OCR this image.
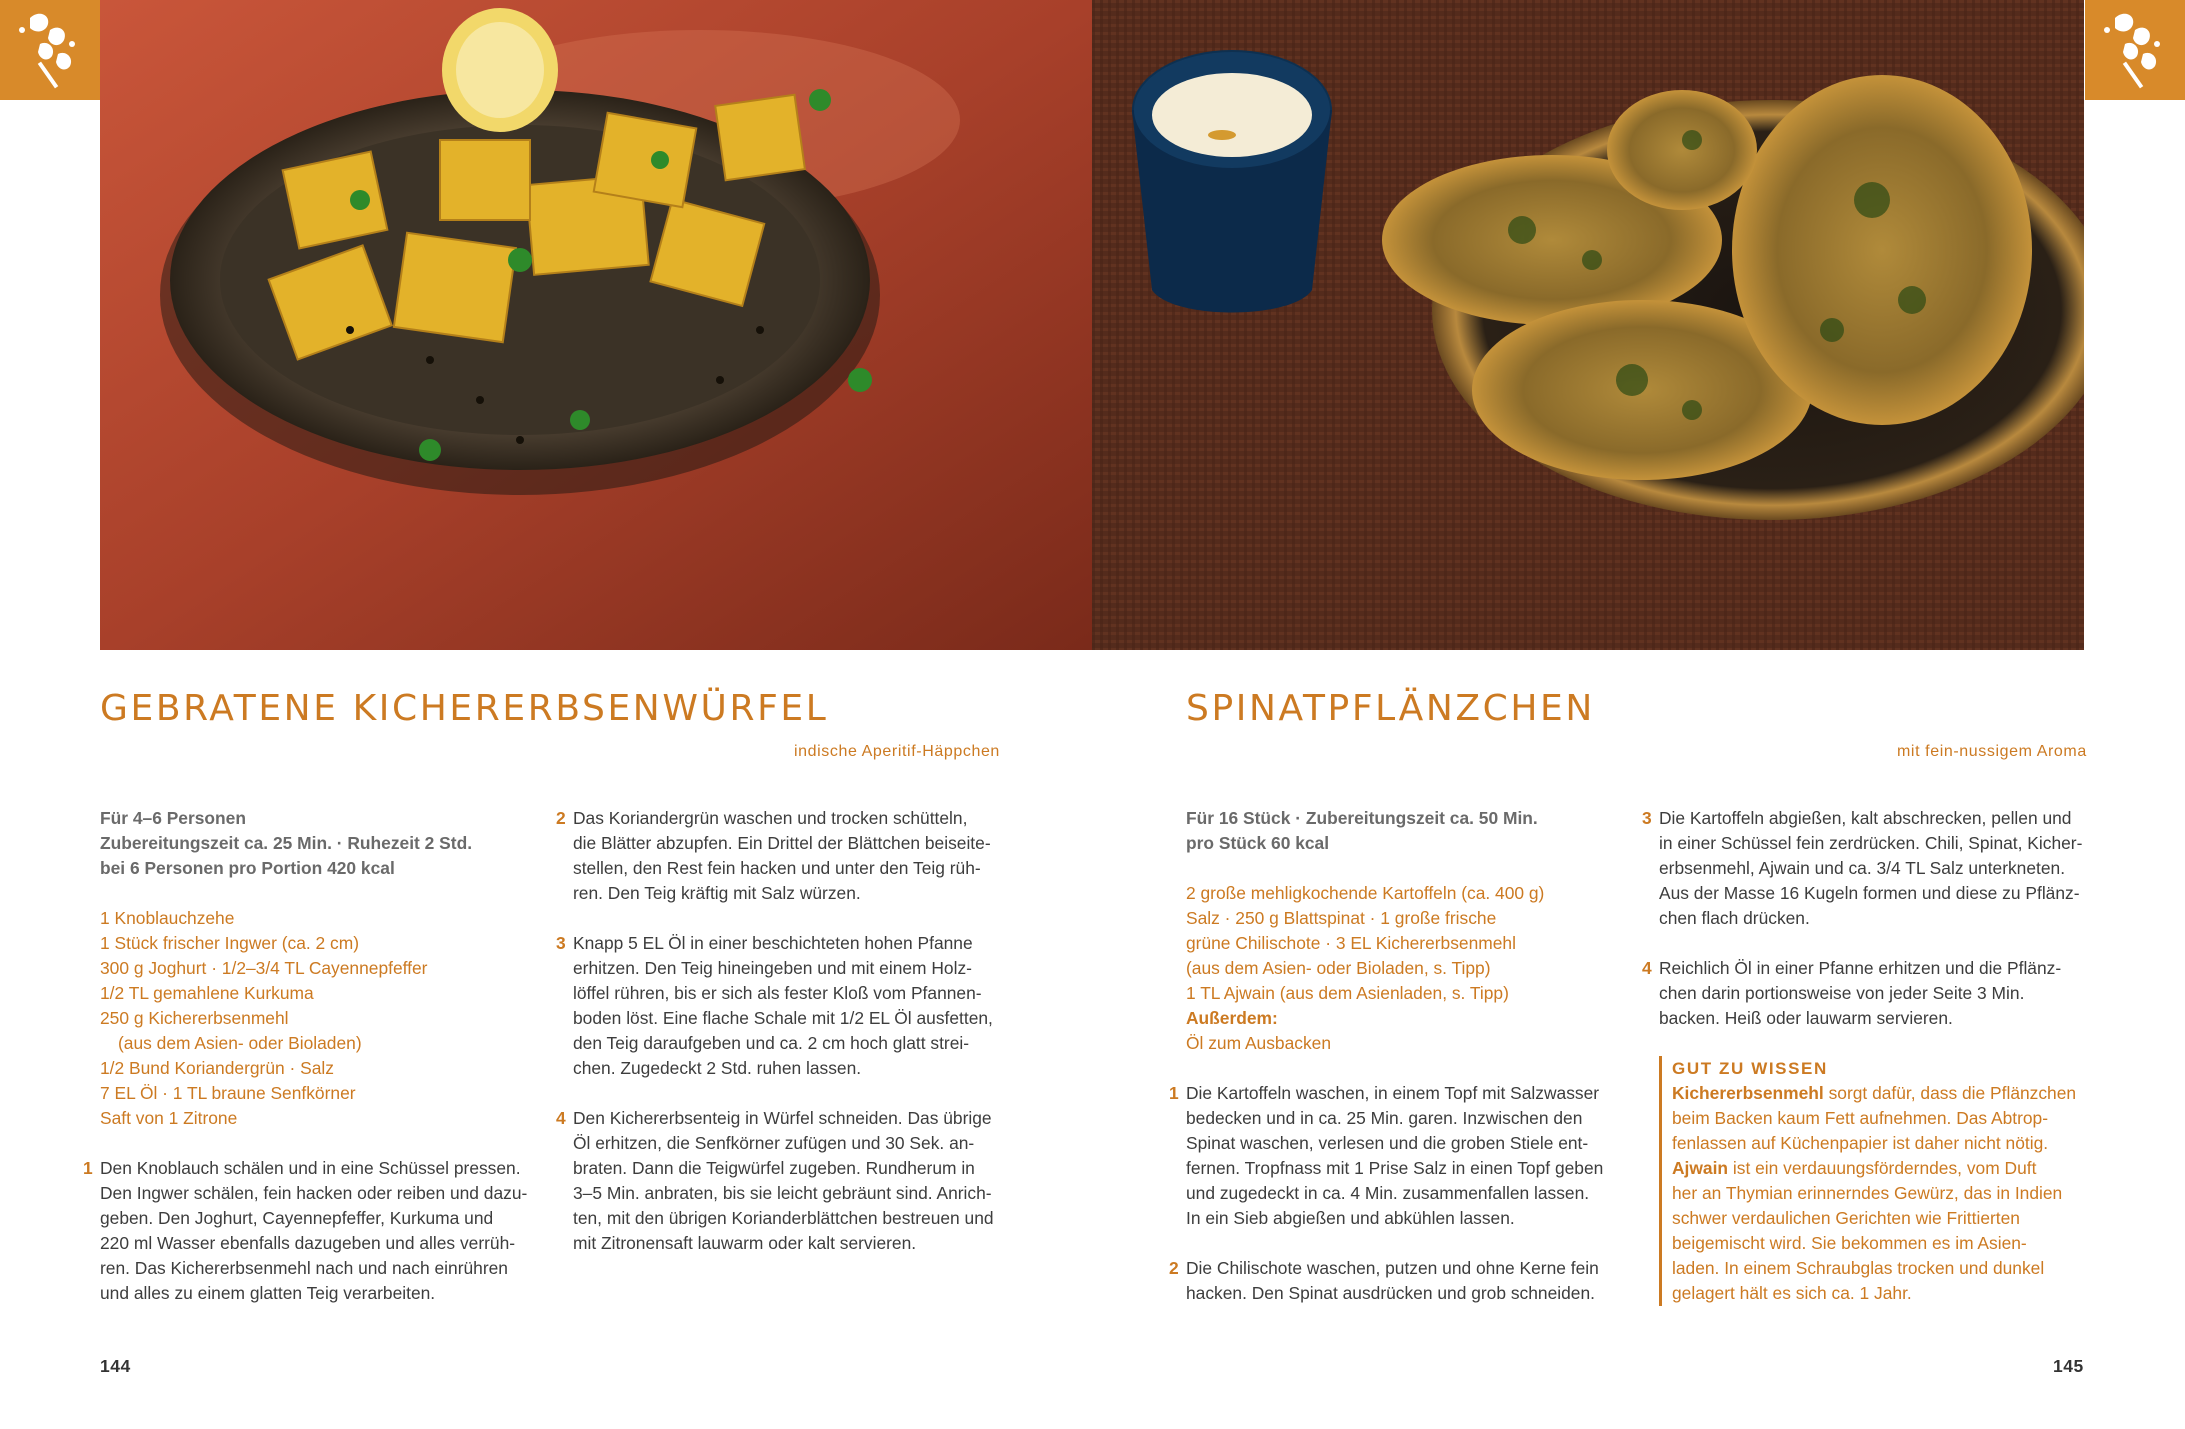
GEBRATENE KICHERERBSENWÜRFEL
indische Aperitif-Häppchen
Für 4–6 Personen
Zubereitungszeit ca. 25 Min. · Ruhezeit 2 Std.
bei 6 Personen pro Portion 420 kcal
1 Knoblauchzehe
1 Stück frischer Ingwer (ca. 2 cm)
300 g Joghurt · 1/2–3/4 TL Cayennepfeffer
1/2 TL gemahlene Kurkuma
250 g Kichererbsenmehl
(aus dem Asien- oder Bioladen)
1/2 Bund Koriandergrün · Salz
7 EL Öl · 1 TL braune Senfkörner
Saft von 1 Zitrone
1 Den Knoblauch schälen und in eine Schüssel pressen.
Den Ingwer schälen, fein hacken oder reiben und dazu-
geben. Den Joghurt, Cayennepfeffer, Kurkuma und
220 ml Wasser ebenfalls dazugeben und alles verrüh-
ren. Das Kichererbsenmehl nach und nach einrühren
und alles zu einem glatten Teig verarbeiten.
2 Das Koriandergrün waschen und trocken schütteln,
die Blätter abzupfen. Ein Drittel der Blättchen beiseite-
stellen, den Rest fein hacken und unter den Teig rüh-
ren. Den Teig kräftig mit Salz würzen.
3 Knapp 5 EL Öl in einer beschichteten hohen Pfanne
erhitzen. Den Teig hineingeben und mit einem Holz-
löffel rühren, bis er sich als fester Kloß vom Pfannen-
boden löst. Eine flache Schale mit 1/2 EL Öl ausfetten,
den Teig daraufgeben und ca. 2 cm hoch glatt strei-
chen. Zugedeckt 2 Std. ruhen lassen.
4 Den Kichererbsenteig in Würfel schneiden. Das übrige
Öl erhitzen, die Senfkörner zufügen und 30 Sek. an-
braten. Dann die Teigwürfel zugeben. Rundherum in
3–5 Min. anbraten, bis sie leicht gebräunt sind. Anrich-
ten, mit den übrigen Korianderblättchen bestreuen und
mit Zitronensaft lauwarm oder kalt servieren.
144
SPINATPFLÄNZCHEN
mit fein-nussigem Aroma
Für 16 Stück · Zubereitungszeit ca. 50 Min.
pro Stück 60 kcal
2 große mehligkochende Kartoffeln (ca. 400 g)
Salz · 250 g Blattspinat · 1 große frische
grüne Chilischote · 3 EL Kichererbsenmehl
(aus dem Asien- oder Bioladen, s. Tipp)
1 TL Ajwain (aus dem Asienladen, s. Tipp)
Außerdem:
Öl zum Ausbacken
1 Die Kartoffeln waschen, in einem Topf mit Salzwasser
bedecken und in ca. 25 Min. garen. Inzwischen den
Spinat waschen, verlesen und die groben Stiele ent-
fernen. Tropfnass mit 1 Prise Salz in einen Topf geben
und zugedeckt in ca. 4 Min. zusammenfallen lassen.
In ein Sieb abgießen und abkühlen lassen.
2 Die Chilischote waschen, putzen und ohne Kerne fein
hacken. Den Spinat ausdrücken und grob schneiden.
3 Die Kartoffeln abgießen, kalt abschrecken, pellen und
in einer Schüssel fein zerdrücken. Chili, Spinat, Kicher-
erbsenmehl, Ajwain und ca. 3/4 TL Salz unterkneten.
Aus der Masse 16 Kugeln formen und diese zu Pflänz-
chen flach drücken.
4 Reichlich Öl in einer Pfanne erhitzen und die Pflänz-
chen darin portionsweise von jeder Seite 3 Min.
backen. Heiß oder lauwarm servieren.
GUT ZU WISSEN
Kichererbsenmehl sorgt dafür, dass die Pflänzchen
beim Backen kaum Fett aufnehmen. Das Abtrop-
fenlassen auf Küchenpapier ist daher nicht nötig.
Ajwain ist ein verdauungsförderndes, vom Duft
her an Thymian erinnerndes Gewürz, das in Indien
schwer verdaulichen Gerichten wie Frittierten
beigemischt wird. Sie bekommen es im Asien-
laden. In einem Schraubglas trocken und dunkel
gelagert hält es sich ca. 1 Jahr.
145
